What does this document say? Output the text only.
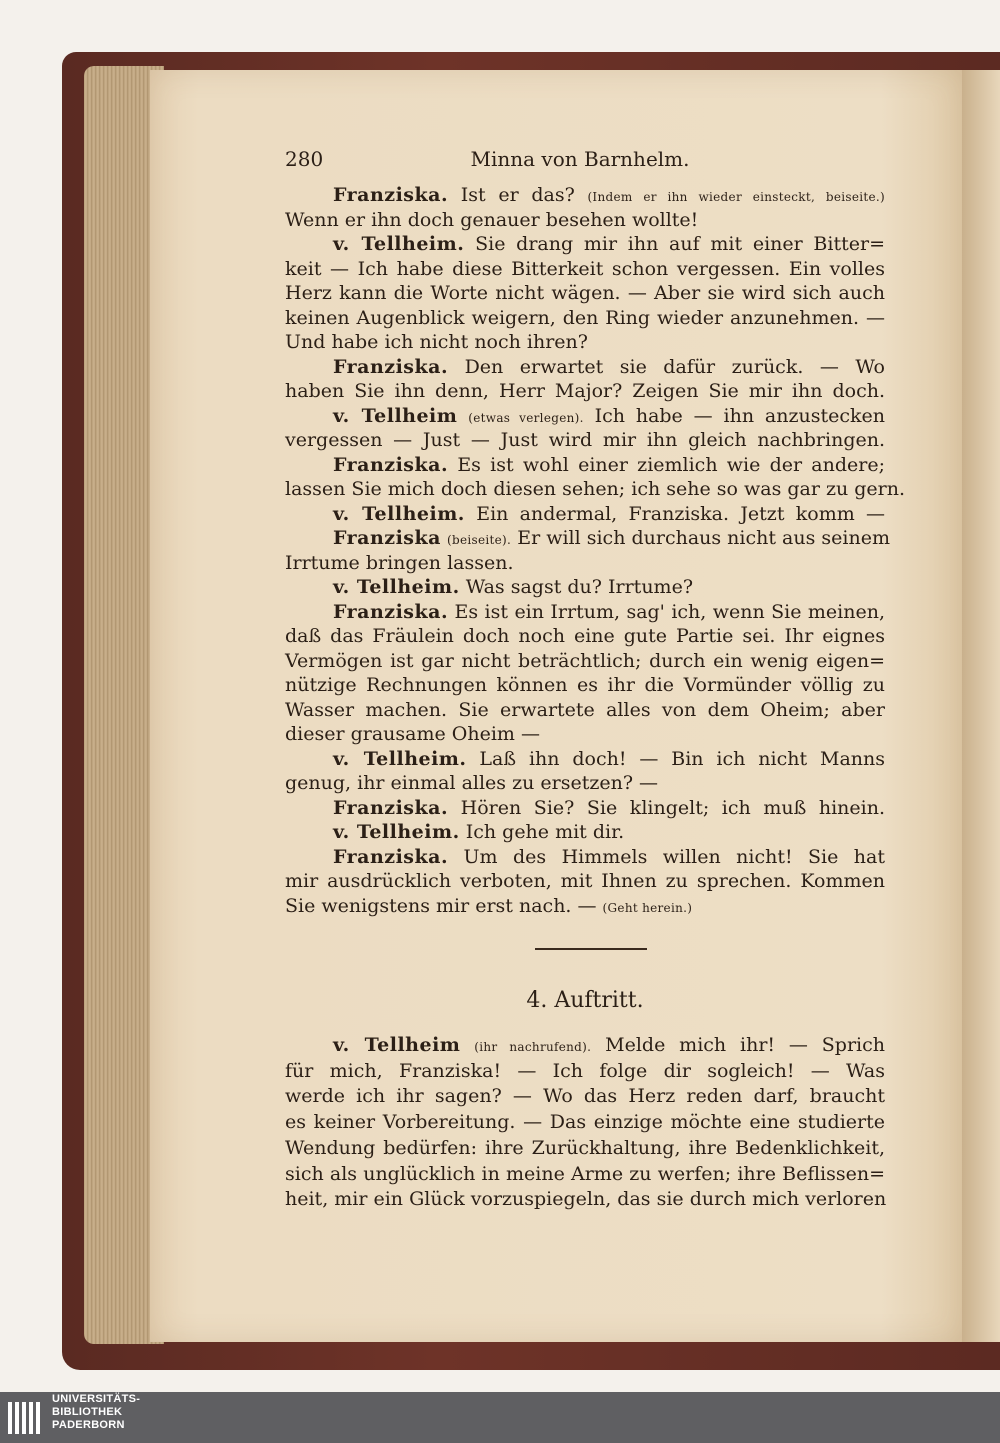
280	Minna von Barnhelm.
Franziska. Ist er das? (Indem er ihn wieder einsteckt, beiseite.)
Wenn er ihn doch genauer besehen wollte!
v. Tellheim. Sie drang mir ihn auf mit einer Bitter=
keit — Ich habe diese Bitterkeit schon vergessen. Ein volles
Herz kann die Worte nicht wägen. — Aber sie wird sich auch
keinen Augenblick weigern, den Ring wieder anzunehmen. —
Und habe ich nicht noch ihren?
Franziska. Den erwartet sie dafür zurück. — Wo
haben Sie ihn denn, Herr Major? Zeigen Sie mir ihn doch.
v. Tellheim (etwas verlegen). Ich habe — ihn anzustecken
vergessen — Just — Just wird mir ihn gleich nachbringen.
Franziska. Es ist wohl einer ziemlich wie der andere;
lassen Sie mich doch diesen sehen; ich sehe so was gar zu gern.
v. Tellheim. Ein andermal, Franziska. Jetzt komm —
Franziska (beiseite). Er will sich durchaus nicht aus seinem
Irrtume bringen lassen.
v. Tellheim. Was sagst du? Irrtume?
Franziska. Es ist ein Irrtum, sag' ich, wenn Sie meinen,
daß das Fräulein doch noch eine gute Partie sei. Ihr eignes
Vermögen ist gar nicht beträchtlich; durch ein wenig eigen=
nützige Rechnungen können es ihr die Vormünder völlig zu
Wasser machen. Sie erwartete alles von dem Oheim; aber
dieser grausame Oheim —
v. Tellheim. Laß ihn doch! — Bin ich nicht Manns
genug, ihr einmal alles zu ersetzen? —
Franziska. Hören Sie? Sie klingelt; ich muß hinein.
v. Tellheim. Ich gehe mit dir.
Franziska. Um des Himmels willen nicht! Sie hat
mir ausdrücklich verboten, mit Ihnen zu sprechen. Kommen
Sie wenigstens mir erst nach. — (Geht herein.)
4. Auftritt.
v. Tellheim (ihr nachrufend). Melde mich ihr! — Sprich
für mich, Franziska! — Ich folge dir sogleich! — Was
werde ich ihr sagen? — Wo das Herz reden darf, braucht
es keiner Vorbereitung. — Das einzige möchte eine studierte
Wendung bedürfen: ihre Zurückhaltung, ihre Bedenklichkeit,
sich als unglücklich in meine Arme zu werfen; ihre Beflissen=
heit, mir ein Glück vorzuspiegeln, das sie durch mich verloren
UNIVERSITÄTS-
BIBLIOTHEK
PADERBORN
